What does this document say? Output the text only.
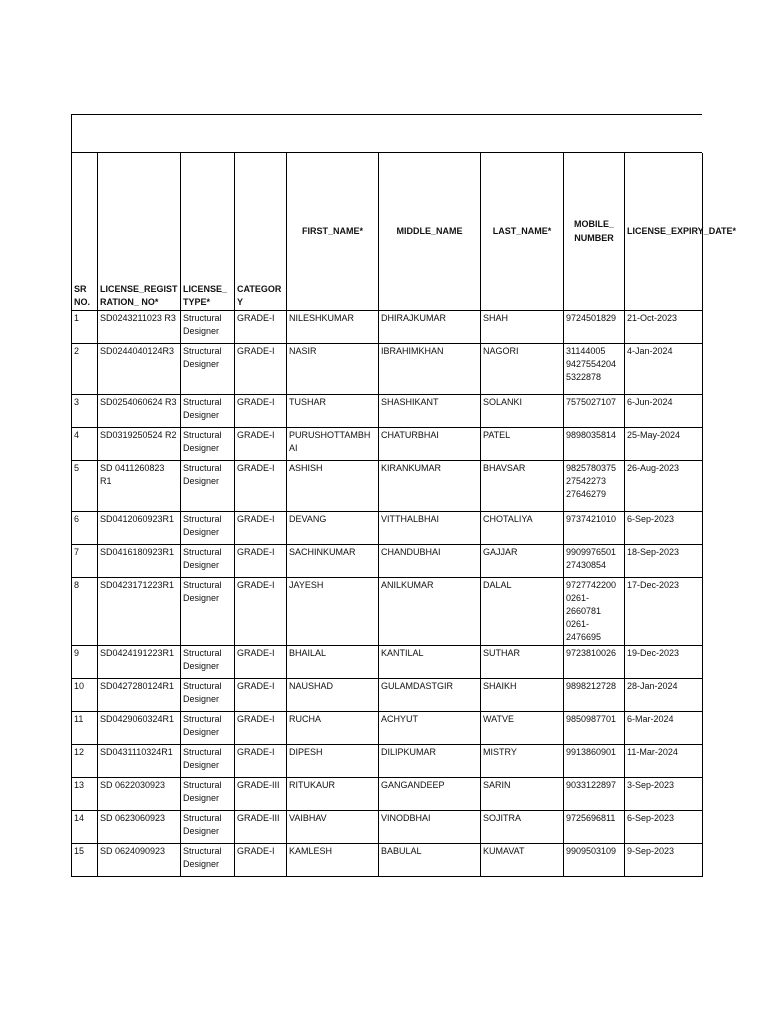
SR NO.	LICENSE_REGISTRATION_ NO*	LICENSE_TYPE*	CATEGORY	FIRST_NAME*	MIDDLE_NAME	LAST_NAME*	MOBILE_ NUMBER	LICENSE_EXPIRY_DATE*

1	SD0243211023 R3	Structural Designer	GRADE-I	NILESHKUMAR	DHIRAJKUMAR	SHAH	9724501829	21-Oct-2023
2	SD0244040124R3	Structural Designer	GRADE-I	NASIR	IBRAHIMKHAN	NAGORI	31144005 9427554204 5322878	4-Jan-2024
3	SD0254060624 R3	Structural Designer	GRADE-I	TUSHAR	SHASHIKANT	SOLANKI	7575027107	6-Jun-2024
4	SD0319250524 R2	Structural Designer	GRADE-I	PURUSHOTTAMBHAI	CHATURBHAI	PATEL	9898035814	25-May-2024
5	SD 0411260823 R1	Structural Designer	GRADE-I	ASHISH	KIRANKUMAR	BHAVSAR	9825780375 27542273 27646279	26-Aug-2023
6	SD0412060923R1	Structural Designer	GRADE-I	DEVANG	VITTHALBHAI	CHOTALIYA	9737421010	6-Sep-2023
7	SD0416180923R1	Structural Designer	GRADE-I	SACHINKUMAR	CHANDUBHAI	GAJJAR	9909976501 27430854	18-Sep-2023
8	SD0423171223R1	Structural Designer	GRADE-I	JAYESH	ANILKUMAR	DALAL	9727742200 0261-2660781 0261-2476695	17-Dec-2023
9	SD0424191223R1	Structural Designer	GRADE-I	BHAILAL	KANTILAL	SUTHAR	9723810026	19-Dec-2023
10	SD0427280124R1	Structural Designer	GRADE-I	NAUSHAD	GULAMDASTGIR	SHAIKH	9898212728	28-Jan-2024
11	SD0429060324R1	Structural Designer	GRADE-I	RUCHA	ACHYUT	WATVE	9850987701	6-Mar-2024
12	SD0431110324R1	Structural Designer	GRADE-I	DIPESH	DILIPKUMAR	MISTRY	9913860901	11-Mar-2024
13	SD 0622030923	Structural Designer	GRADE-III	RITUKAUR	GANGANDEEP	SARIN	9033122897	3-Sep-2023
14	SD 0623060923	Structural Designer	GRADE-III	VAIBHAV	VINODBHAI	SOJITRA	9725696811	6-Sep-2023
15	SD 0624090923	Structural Designer	GRADE-I	KAMLESH	BABULAL	KUMAVAT	9909503109	9-Sep-2023
